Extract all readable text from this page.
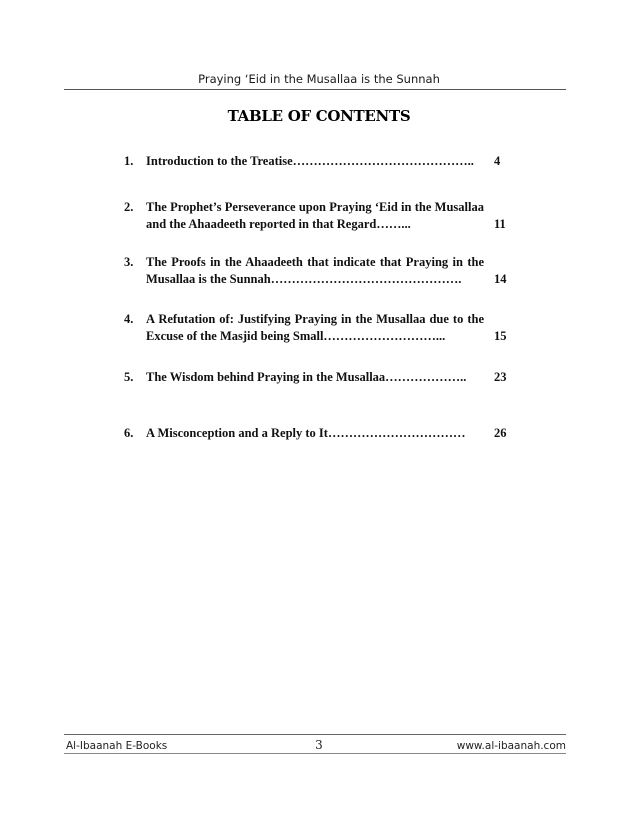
Praying ‘Eid in the Musallaa is the Sunnah
TABLE OF CONTENTS
1.	Introduction to the Treatise……………………………………..	4
2.	The Prophet’s Perseverance upon Praying ‘Eid in the Musallaa and the Ahaadeeth reported in that Regard……...	11
3.	The Proofs in the Ahaadeeth that indicate that Praying in the Musallaa is the Sunnah……………………………………….	14
4.	A Refutation of: Justifying Praying in the Musallaa due to the Excuse of the Masjid being Small………………………...	15
5.	The Wisdom behind Praying in the Musallaa………………..	23
6.	A Misconception and a Reply to It……………………………	26
Al-Ibaanah E-Books	3	www.al-ibaanah.com
